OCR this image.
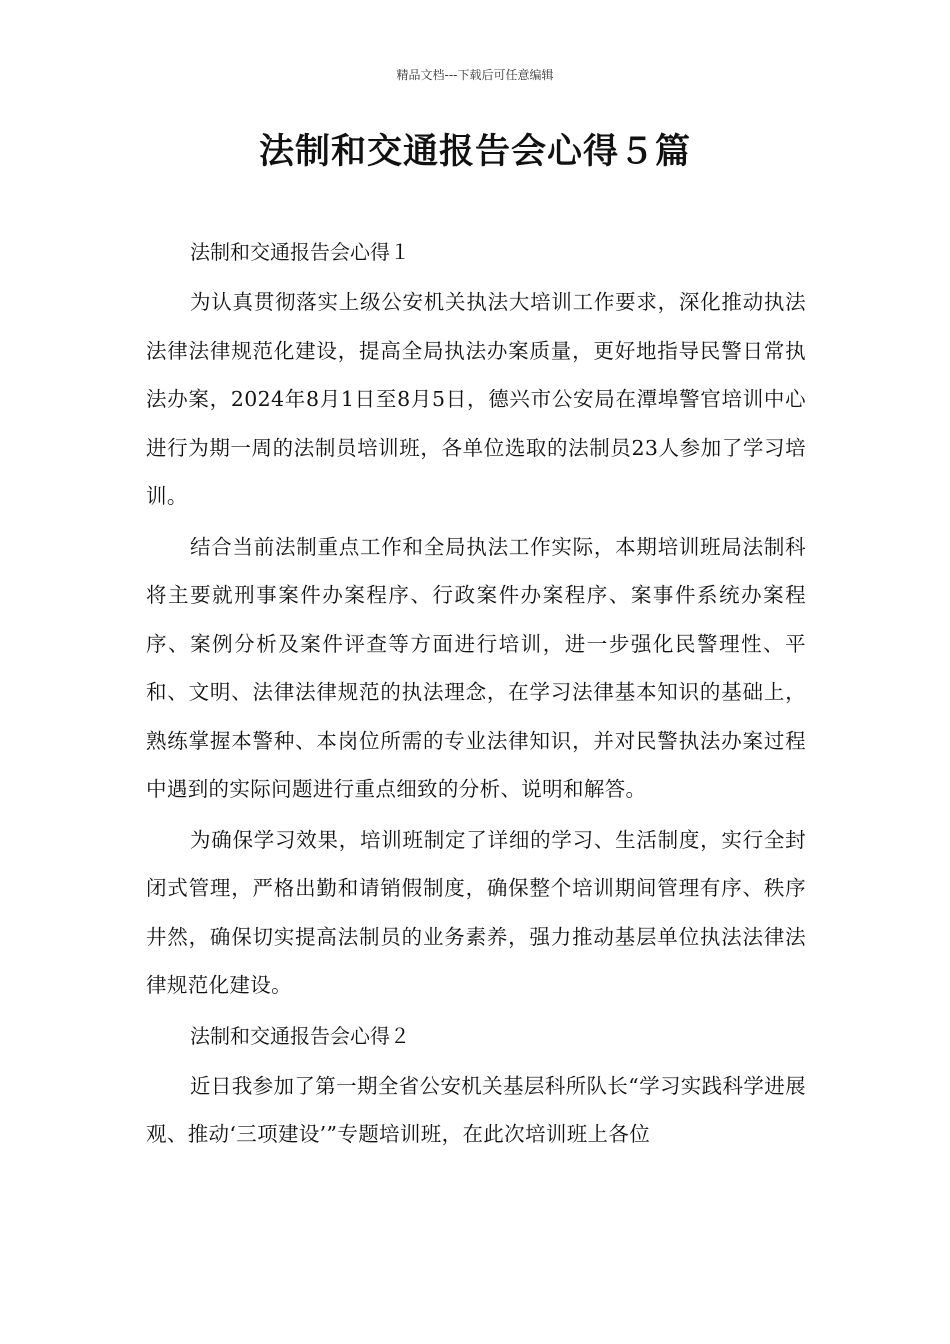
精品文档---下载后可任意编辑
法制和交通报告会心得５篇

法制和交通报告会心得１

为认真贯彻落实上级公安机关执法大培训工作要求，深化推动执法法律法律规范化建设，提高全局执法办案质量，更好地指导民警日常执法办案，2024年8月1日至8月5日，德兴市公安局在潭埠警官培训中心进行为期一周的法制员培训班，各单位选取的法制员23人参加了学习培训。

结合当前法制重点工作和全局执法工作实际，本期培训班局法制科将主要就刑事案件办案程序、行政案件办案程序、案事件系统办案程序、案例分析及案件评查等方面进行培训，进一步强化民警理性、平和、文明、法律法律规范的执法理念，在学习法律基本知识的基础上，熟练掌握本警种、本岗位所需的专业法律知识，并对民警执法办案过程中遇到的实际问题进行重点细致的分析、说明和解答。

为确保学习效果，培训班制定了详细的学习、生活制度，实行全封闭式管理，严格出勤和请销假制度，确保整个培训期间管理有序、秩序井然，确保切实提高法制员的业务素养，强力推动基层单位执法法律法律规范化建设。

法制和交通报告会心得２

近日我参加了第一期全省公安机关基层科所队长“学习实践科学进展观、推动‘三项建设’”专题培训班，在此次培训班上各位
